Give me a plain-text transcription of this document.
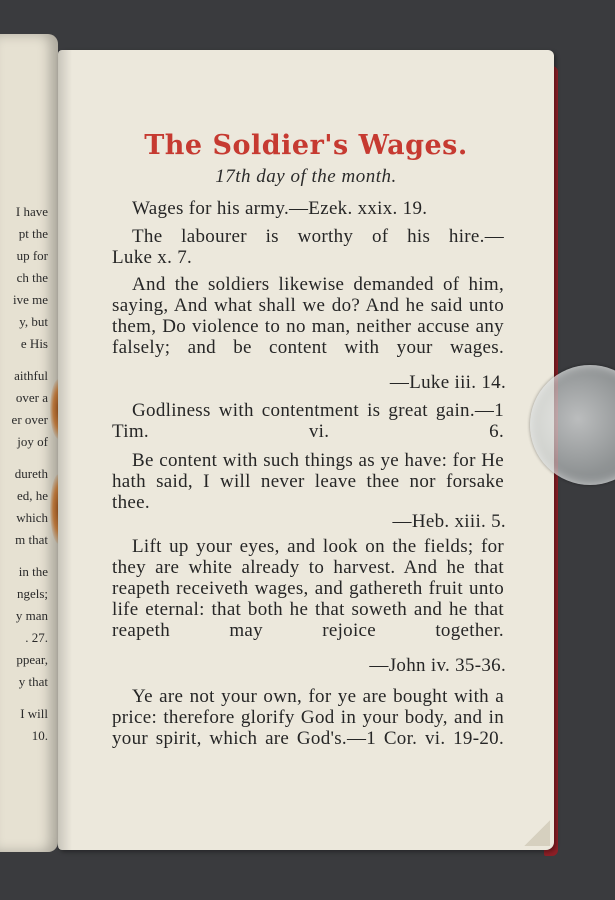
I have
pt the
up for
ch the
ive me
y, but
e His
aithful
over a
er over
joy of
dureth
ed, he
which
m that
in the
ngels;
y man
. 27.
ppear,
y that
I will
10.
The Soldier's Wages.

17th day of the month.

Wages for his army.—Ezek. xxix. 19.

The labourer is worthy of his hire.—

Luke x. 7.

And the soldiers likewise demanded of him, saying, And what shall we do? And he said unto them, Do violence to no man, neither accuse any falsely; and be content with your wages.

—Luke iii. 14.

Godliness with contentment is great gain.—1 Tim. vi. 6.

Be content with such things as ye have: for He hath said, I will never leave thee nor forsake thee.

—Heb. xiii. 5.

Lift up your eyes, and look on the fields; for they are white already to harvest. And he that reapeth receiveth wages, and gathereth fruit unto life eternal: that both he that soweth and he that reapeth may rejoice together.

—John iv. 35-36.

Ye are not your own, for ye are bought with a price: therefore glorify God in your body, and in your spirit, which are God's.—1 Cor. vi. 19-20.
